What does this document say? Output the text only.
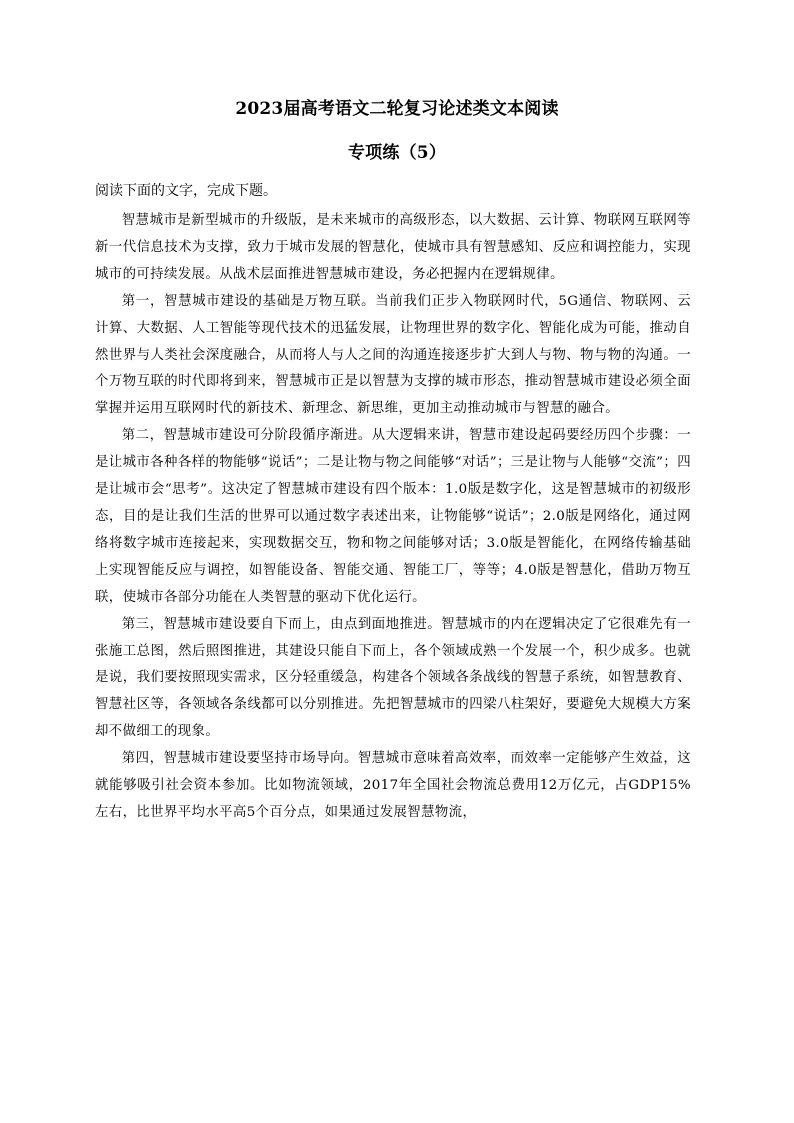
2023届高考语文二轮复习论述类文本阅读
专项练（5）

阅读下面的文字，完成下题。

智慧城市是新型城市的升级版，是未来城市的高级形态，以大数据、云计算、物联网互联网等新一代信息技术为支撑，致力于城市发展的智慧化，使城市具有智慧感知、反应和调控能力，实现城市的可持续发展。从战术层面推进智慧城市建设，务必把握内在逻辑规律。

第一，智慧城市建设的基础是万物互联。当前我们正步入物联网时代，5G通信、物联网、云计算、大数据、人工智能等现代技术的迅猛发展，让物理世界的数字化、智能化成为可能，推动自然世界与人类社会深度融合，从而将人与人之间的沟通连接逐步扩大到人与物、物与物的沟通。一个万物互联的时代即将到来，智慧城市正是以智慧为支撑的城市形态，推动智慧城市建设必须全面掌握并运用互联网时代的新技术、新理念、新思维，更加主动推动城市与智慧的融合。

第二，智慧城市建设可分阶段循序渐进。从大逻辑来讲，智慧市建设起码要经历四个步骤：一是让城市各种各样的物能够“说话”；二是让物与物之间能够“对话”；三是让物与人能够“交流”；四是让城市会“思考”。这决定了智慧城市建设有四个版本：1.0版是数字化，这是智慧城市的初级形态，目的是让我们生活的世界可以通过数字表述出来，让物能够“说话”；2.0版是网络化，通过网络将数字城市连接起来，实现数据交互，物和物之间能够对话；3.0版是智能化，在网络传输基础上实现智能反应与调控，如智能设备、智能交通、智能工厂，等等；4.0版是智慧化，借助万物互联，使城市各部分功能在人类智慧的驱动下优化运行。

第三，智慧城市建设要自下而上，由点到面地推进。智慧城市的内在逻辑决定了它很难先有一张施工总图，然后照图推进，其建设只能自下而上，各个领域成熟一个发展一个，积少成多。也就是说，我们要按照现实需求，区分轻重缓急，构建各个领域各条战线的智慧子系统，如智慧教育、智慧社区等，各领域各条线都可以分别推进。先把智慧城市的四梁八柱架好，要避免大规模大方案却不做细工的现象。

第四，智慧城市建设要坚持市场导向。智慧城市意味着高效率，而效率一定能够产生效益，这就能够吸引社会资本参加。比如物流领域，2017年全国社会物流总费用12万亿元，占GDP15%左右，比世界平均水平高5个百分点，如果通过发展智慧物流，
